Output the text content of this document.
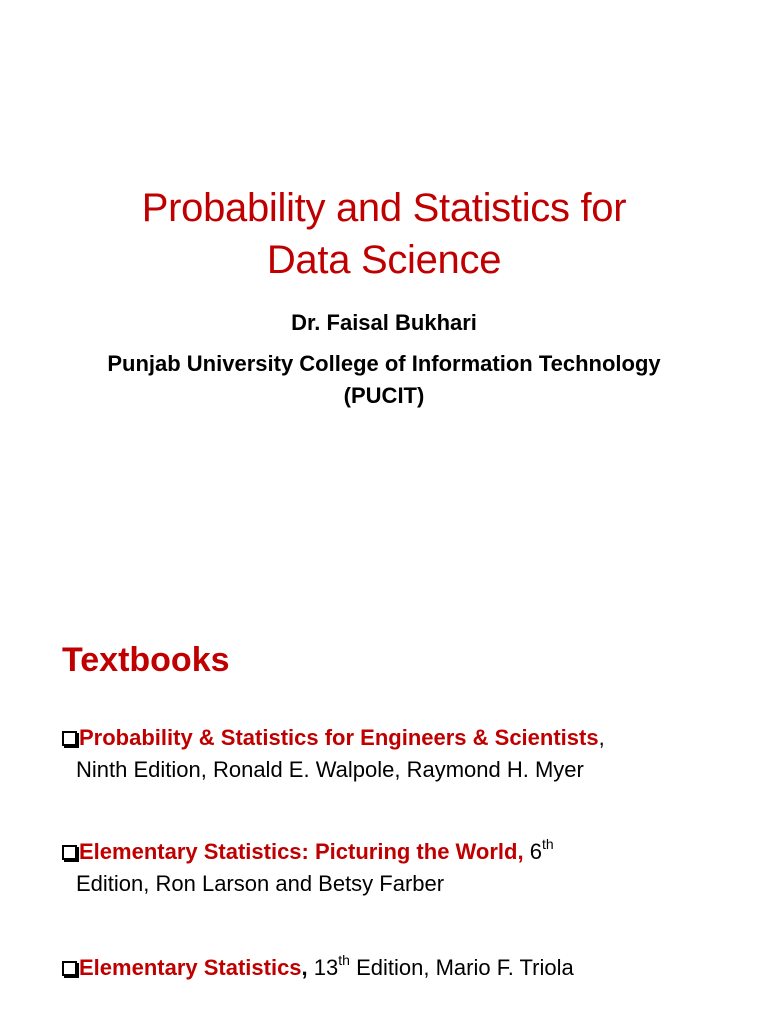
Probability and Statistics for
Data Science
Dr. Faisal Bukhari
Punjab University College of Information Technology
(PUCIT)
Textbooks
Probability & Statistics for Engineers & Scientists,
Ninth Edition, Ronald E. Walpole, Raymond H. Myer
Elementary Statistics: Picturing the World, 6th
Edition, Ron Larson and Betsy Farber
Elementary Statistics, 13th Edition, Mario F. Triola
